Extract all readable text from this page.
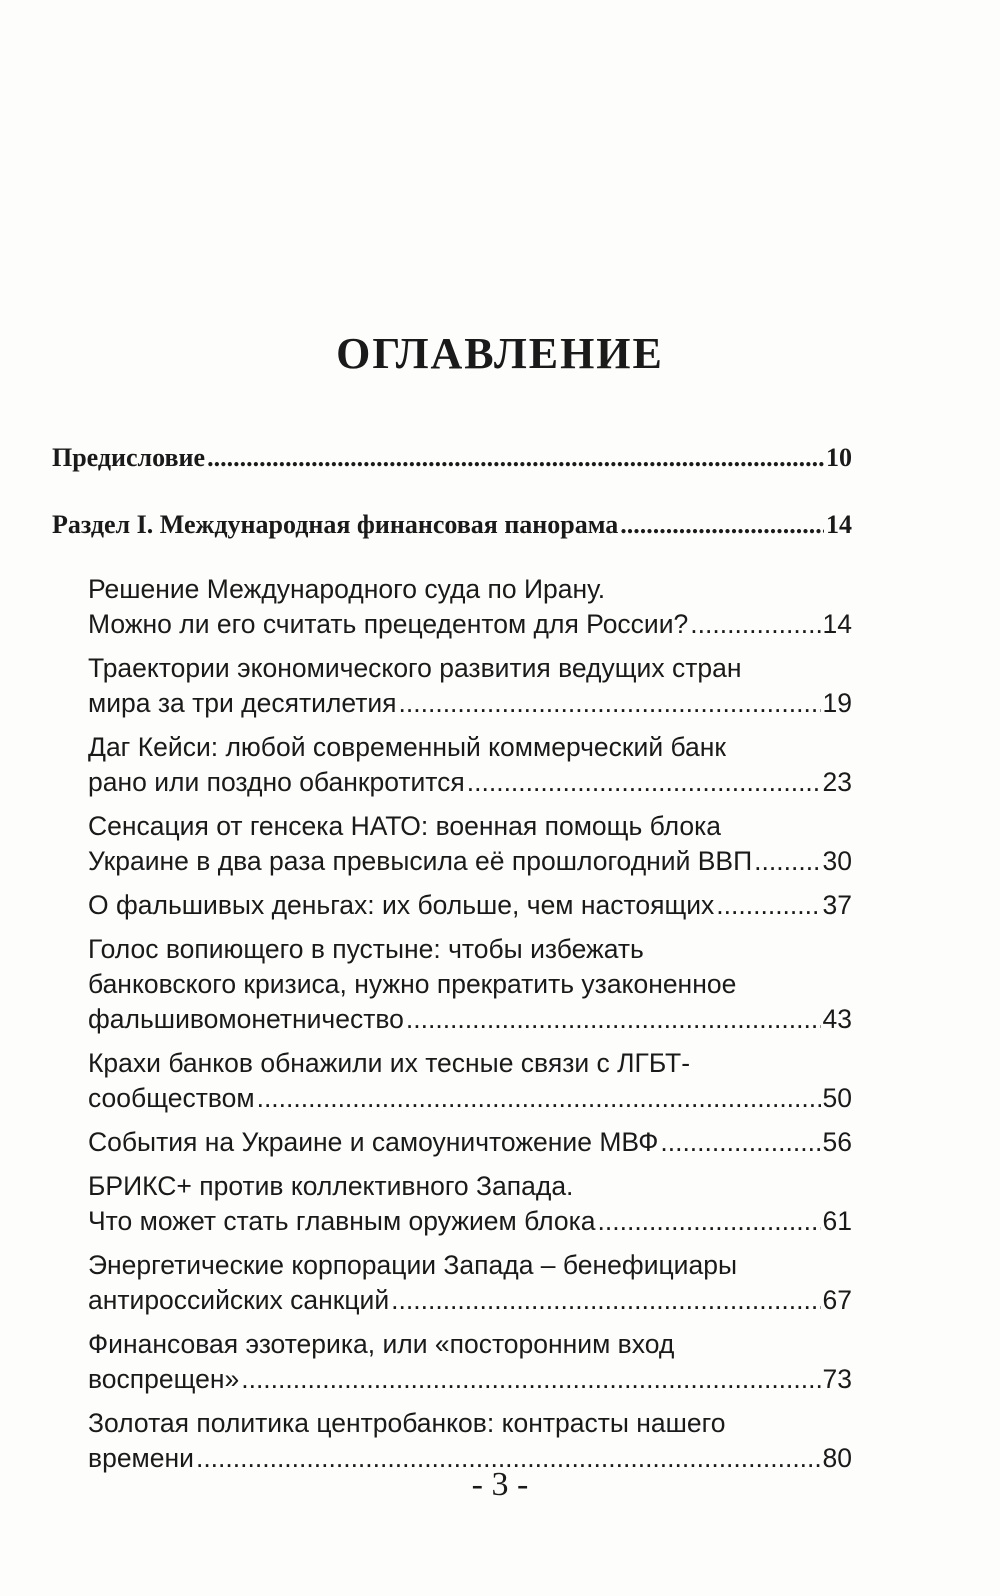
ОГЛАВЛЕНИЕ
Предисловие .....	10
Раздел I. Международная финансовая панорама .....	14
Решение Международного суда по Ирану.
Можно ли его считать прецедентом для России? .....	14
Траектории экономического развития ведущих стран
мира за три десятилетия .....	19
Даг Кейси: любой современный коммерческий банк
рано или поздно обанкротится .....	23
Сенсация от генсека НАТО: военная помощь блока
Украине в два раза превысила её прошлогодний ВВП .....	30
О фальшивых деньгах: их больше, чем настоящих .....	37
Голос вопиющего в пустыне: чтобы избежать
банковского кризиса, нужно прекратить узаконенное
фальшивомонетничество .....	43
Крахи банков обнажили их тесные связи с ЛГБТ-
сообществом .....	50
События на Украине и самоуничтожение МВФ .....	56
БРИКС+ против коллективного Запада.
Что может стать главным оружием блока .....	61
Энергетические корпорации Запада – бенефициары
антироссийских санкций .....	67
Финансовая эзотерика, или «посторонним вход
воспрещен» .....	73
Золотая политика центробанков: контрасты нашего
времени .....	80
- 3 -
